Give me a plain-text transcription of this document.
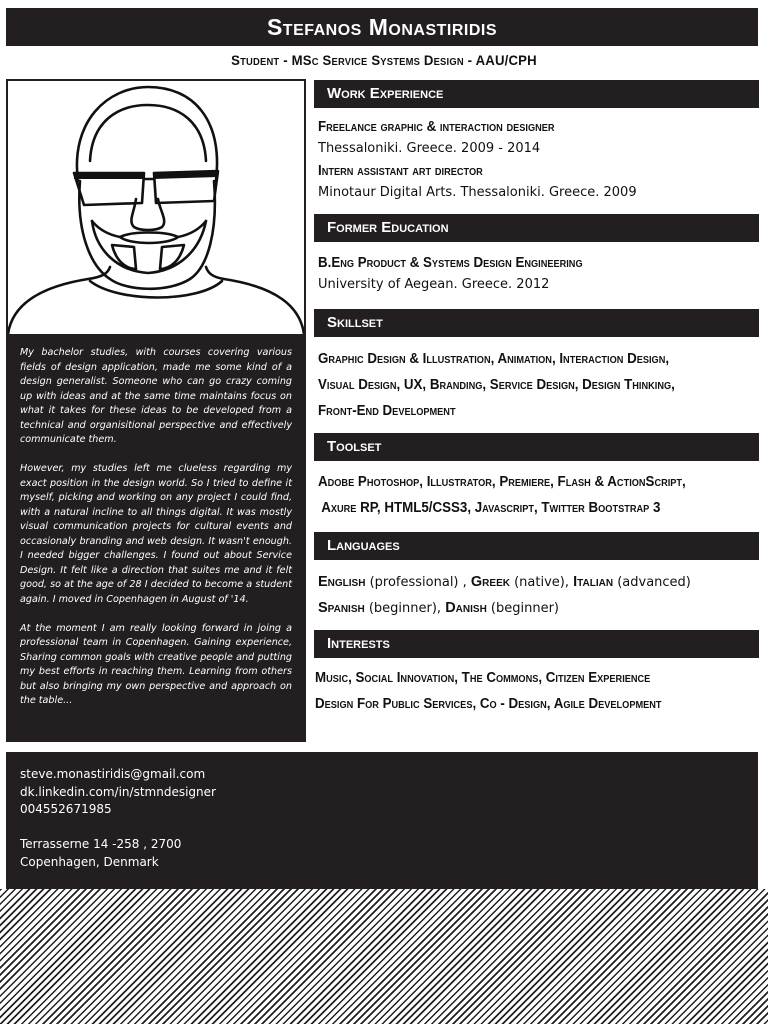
Stefanos Monastiridis
Student - MSc Service Systems Design - AAU/CPH

My bachelor studies, with courses covering various fields of design application, made me some kind of a design generalist. Someone who can go crazy coming up with ideas and at the same time maintains focus on what it takes for these ideas to be developed from a technical and organisitional perspective and effectively communicate them.

However, my studies left me clueless regarding my exact position in the design world. So I tried to define it myself, picking and working on any project I could find, with a natural incline to all things digital. It was mostly visual communication projects for cultural events and occasionaly branding and web design. It wasn't enough. I needed bigger challenges. I found out about Service Design. It felt like a direction that suites me and it felt good, so at the age of 28 I decided to become a student again. I moved in Copenhagen in August of '14.

At the moment I am really looking forward in joing a professional team in Copenhagen. Gaining experience, Sharing common goals with creative people and putting my best efforts in reaching them. Learning from others but also bringing my own perspective and approach on the table...

Work Experience
Freelance graphic & interaction designer
Thessaloniki. Greece. 2009 - 2014
Intern assistant art director
Minotaur Digital Arts. Thessaloniki. Greece. 2009
Former Education
B.Eng Product & Systems Design Engineering
University of Aegean. Greece. 2012
Skillset
Graphic Design & Illustration, Animation, Interaction Design,
Visual Design, UX, Branding, Service Design, Design Thinking,
Front-End Development
Toolset
Adobe Photoshop, Illustrator, Premiere, Flash & ActionScript,
Axure RP, HTML5/CSS3, Javascript, Twitter Bootstrap 3
Languages
English (professional) , Greek (native), Italian (advanced)
Spanish (beginner), Danish (beginner)
Interests
Music, Social Innovation, The Commons, Citizen Experience
Design For Public Services, Co - Design, Agile Development
steve.monastiridis@gmail.com
dk.linkedin.com/in/stmndesigner
004552671985
Terrasserne 14 -258 , 2700
Copenhagen, Denmark
